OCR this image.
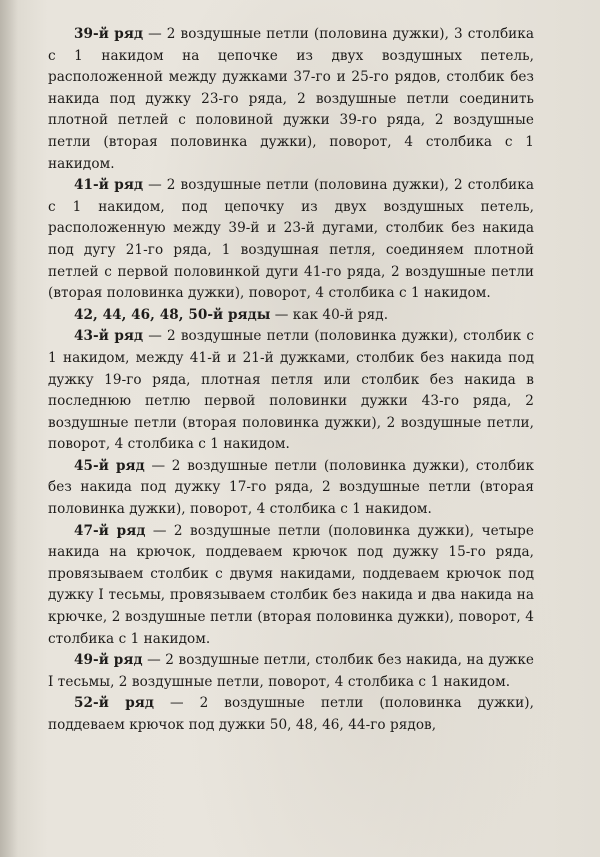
39-й ряд — 2 воздушные петли (половина дужки), 3 столбика с 1 накидом на цепочке из двух воздушных петель, расположенной между дужками 37-го и 25-го рядов, столбик без накида под дужку 23-го ряда, 2 воздушные петли соединить плотной петлей с половиной дужки 39-го ряда, 2 воздушные петли (вторая половинка дужки), поворот, 4 столбика с 1 накидом.

41-й ряд — 2 воздушные петли (половина дужки), 2 столбика с 1 накидом, под цепочку из двух воздушных петель, расположенную между 39-й и 23-й дугами, столбик без накида под дугу 21-го ряда, 1 воздушная петля, соединяем плотной петлей с первой половинкой дуги 41-го ряда, 2 воздушные петли (вторая половинка дужки), поворот, 4 столбика с 1 накидом.

42, 44, 46, 48, 50-й ряды — как 40-й ряд.

43-й ряд — 2 воздушные петли (половинка дужки), столбик с 1 накидом, между 41-й и 21-й дужками, столбик без накида под дужку 19-го ряда, плотная петля или столбик без накида в последнюю петлю первой половинки дужки 43-го ряда, 2 воздушные петли (вторая половинка дужки), 2 воздушные петли, поворот, 4 столбика с 1 накидом.

45-й ряд — 2 воздушные петли (половинка дужки), столбик без накида под дужку 17-го ряда, 2 воздушные петли (вторая половинка дужки), поворот, 4 столбика с 1 накидом.

47-й ряд — 2 воздушные петли (половинка дужки), четыре накида на крючок, поддеваем крючок под дужку 15-го ряда, провязываем столбик с двумя накидами, поддеваем крючок под дужку I тесьмы, провязываем столбик без накида и два накида на крючке, 2 воздушные петли (вторая половинка дужки), поворот, 4 столбика с 1 накидом.

49-й ряд — 2 воздушные петли, столбик без накида, на дужке I тесьмы, 2 воздушные петли, поворот, 4 столбика с 1 накидом.

52-й ряд — 2 воздушные петли (половинка дужки), поддеваем крючок под дужки 50, 48, 46, 44-го рядов,
